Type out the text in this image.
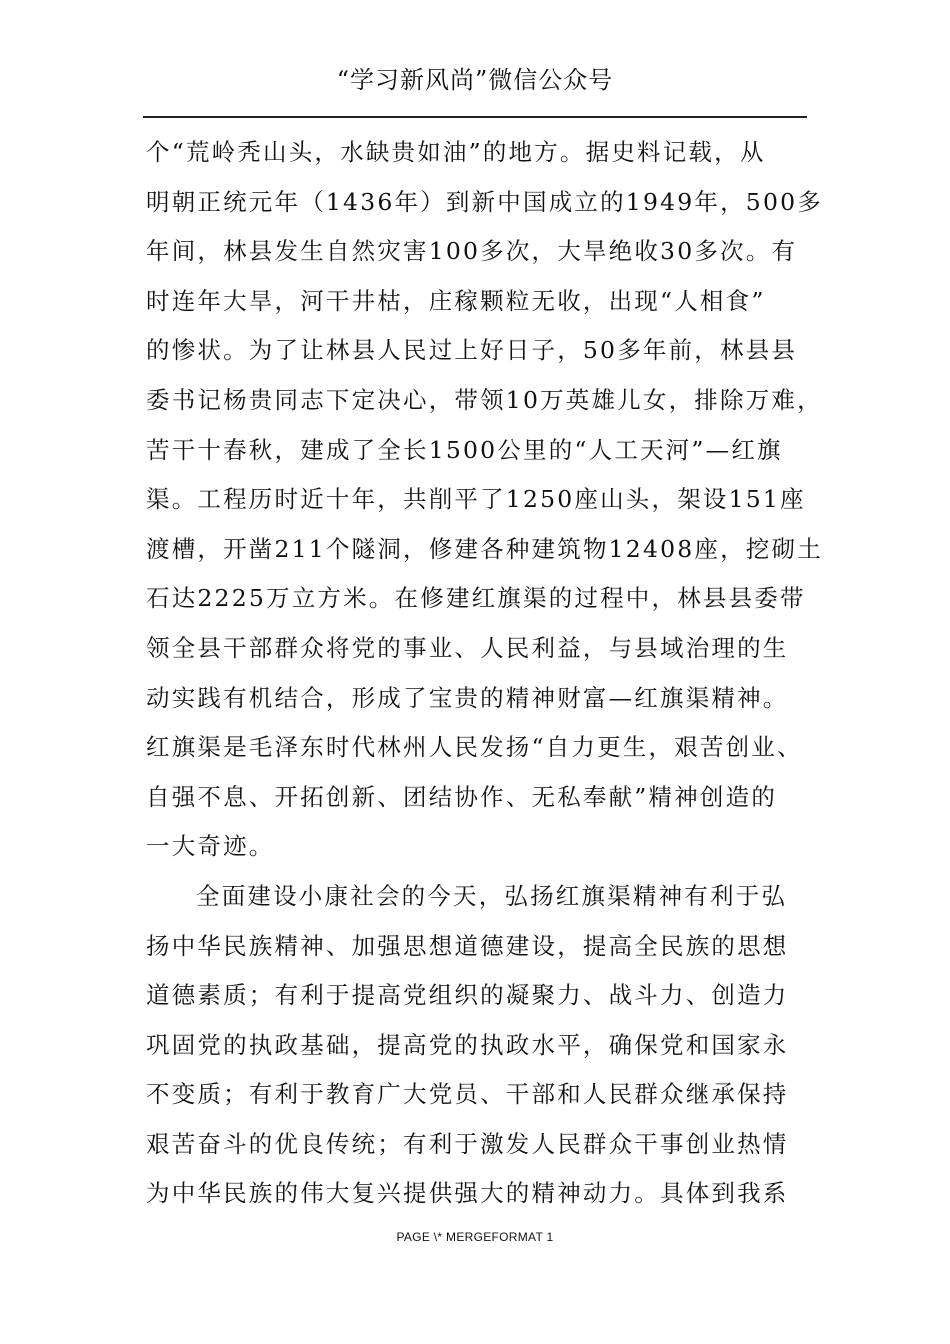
“学习新风尚”微信公众号
个“荒岭秃山头，水缺贵如油”的地方。据史料记载，从
明朝正统元年（1436年）到新中国成立的1949年，500多
年间，林县发生自然灾害100多次，大旱绝收30多次。有
时连年大旱，河干井枯，庄稼颗粒无收，出现“人相食”
的惨状。为了让林县人民过上好日子，50多年前，林县县
委书记杨贵同志下定决心，带领10万英雄儿女，排除万难，
苦干十春秋，建成了全长1500公里的“人工天河”—红旗
渠。工程历时近十年，共削平了1250座山头，架设151座
渡槽，开凿211个隧洞，修建各种建筑物12408座，挖砌土
石达2225万立方米。在修建红旗渠的过程中，林县县委带
领全县干部群众将党的事业、人民利益，与县域治理的生
动实践有机结合，形成了宝贵的精神财富—红旗渠精神。
红旗渠是毛泽东时代林州人民发扬“自力更生，艰苦创业、
自强不息、开拓创新、团结协作、无私奉献”精神创造的
一大奇迹。
全面建设小康社会的今天，弘扬红旗渠精神有利于弘
扬中华民族精神、加强思想道德建设，提高全民族的思想
道德素质；有利于提高党组织的凝聚力、战斗力、创造力
巩固党的执政基础，提高党的执政水平，确保党和国家永
不变质；有利于教育广大党员、干部和人民群众继承保持
艰苦奋斗的优良传统；有利于激发人民群众干事创业热情
为中华民族的伟大复兴提供强大的精神动力。具体到我系
PAGE \* MERGEFORMAT 1
